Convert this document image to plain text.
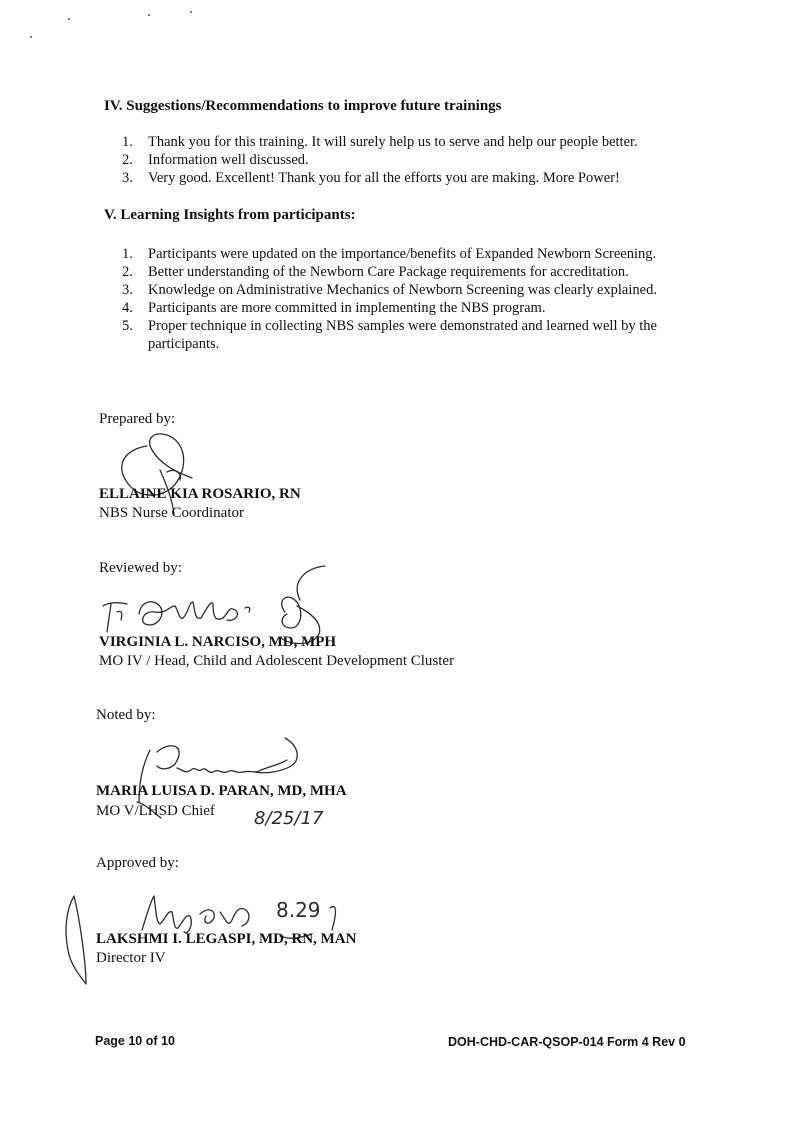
IV. Suggestions/Recommendations to improve future trainings
1. Thank you for this training. It will surely help us to serve and help our people better.
2. Information well discussed.
3. Very good. Excellent! Thank you for all the efforts you are making. More Power!
V. Learning Insights from participants:
1. Participants were updated on the importance/benefits of Expanded Newborn Screening.
2. Better understanding of the Newborn Care Package requirements for accreditation.
3. Knowledge on Administrative Mechanics of Newborn Screening was clearly explained.
4. Participants are more committed in implementing the NBS program.
5. Proper technique in collecting NBS samples were demonstrated and learned well by the participants.
Prepared by:
ELLAINE KIA ROSARIO, RN
NBS Nurse Coordinator
Reviewed by:
VIRGINIA L. NARCISO, MD, MPH
MO IV / Head, Child and Adolescent Development Cluster
Noted by:
MARIA LUISA D. PARAN, MD, MHA
MO V/LHSD Chief 8/25/17
Approved by:
8.29
LAKSHMI I. LEGASPI, MD, RN, MAN
Director IV
Page 10 of 10	DOH-CHD-CAR-QSOP-014 Form 4 Rev 0
